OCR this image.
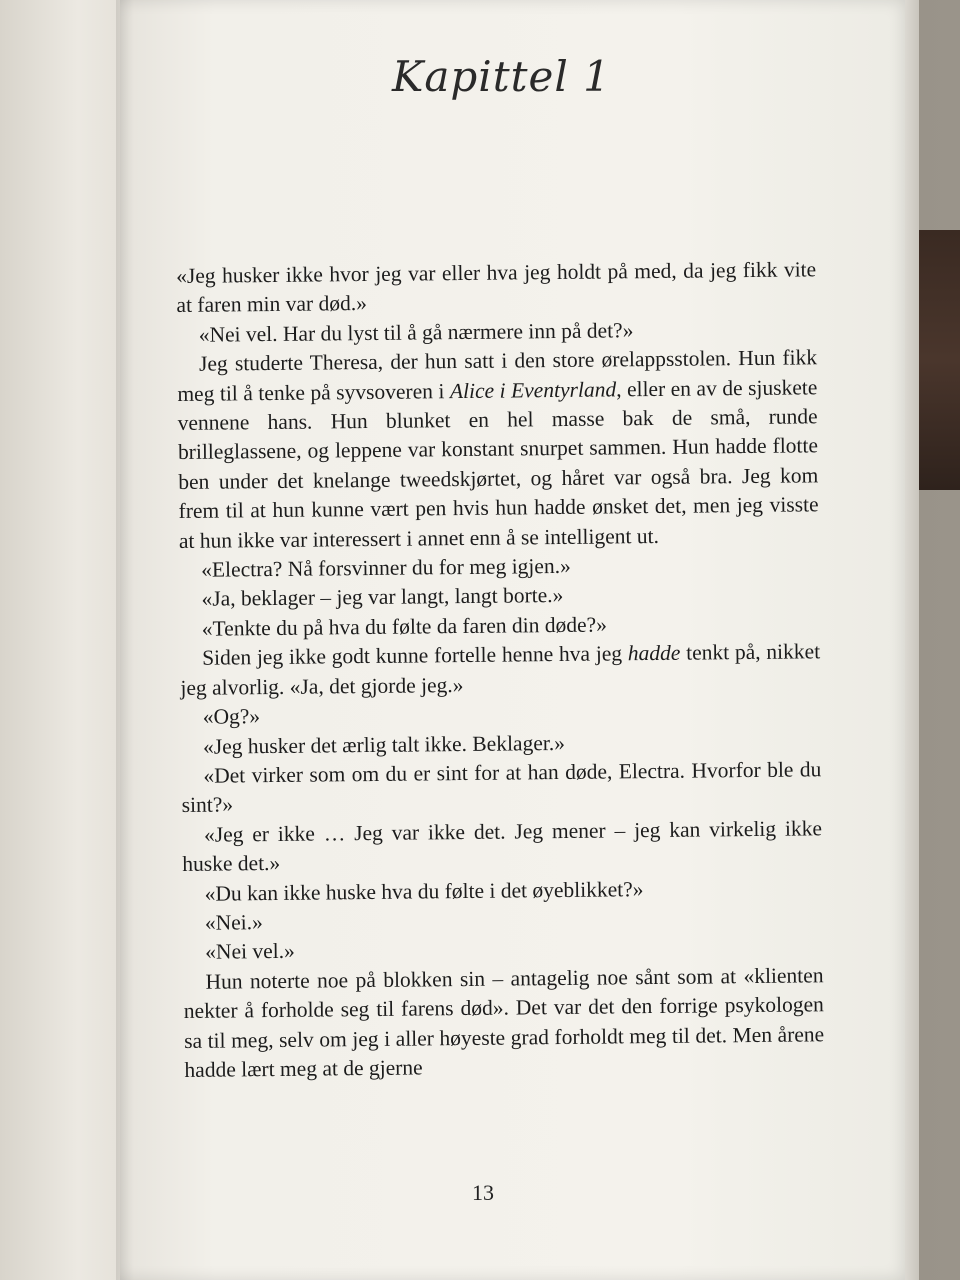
Kapittel 1

«Jeg husker ikke hvor jeg var eller hva jeg holdt på med, da jeg fikk vite at faren min var død.»

«Nei vel. Har du lyst til å gå nærmere inn på det?»

Jeg studerte Theresa, der hun satt i den store ørelappsstolen. Hun fikk meg til å tenke på syvsoveren i Alice i Eventyrland, eller en av de sjuskete vennene hans. Hun blunket en hel masse bak de små, runde brilleglassene, og leppene var konstant snurpet sammen. Hun hadde flotte ben under det knelange tweedskjørtet, og håret var også bra. Jeg kom frem til at hun kunne vært pen hvis hun hadde ønsket det, men jeg visste at hun ikke var interessert i annet enn å se intelligent ut.

«Electra? Nå forsvinner du for meg igjen.»

«Ja, beklager – jeg var langt, langt borte.»

«Tenkte du på hva du følte da faren din døde?»

Siden jeg ikke godt kunne fortelle henne hva jeg hadde tenkt på, nikket jeg alvorlig. «Ja, det gjorde jeg.»

«Og?»

«Jeg husker det ærlig talt ikke. Beklager.»

«Det virker som om du er sint for at han døde, Electra. Hvorfor ble du sint?»

«Jeg er ikke … Jeg var ikke det. Jeg mener – jeg kan virkelig ikke huske det.»

«Du kan ikke huske hva du følte i det øyeblikket?»

«Nei.»

«Nei vel.»

Hun noterte noe på blokken sin – antagelig noe sånt som at «klienten nekter å forholde seg til farens død». Det var det den forrige psykologen sa til meg, selv om jeg i aller høyeste grad forholdt meg til det. Men årene hadde lært meg at de gjerne

13
